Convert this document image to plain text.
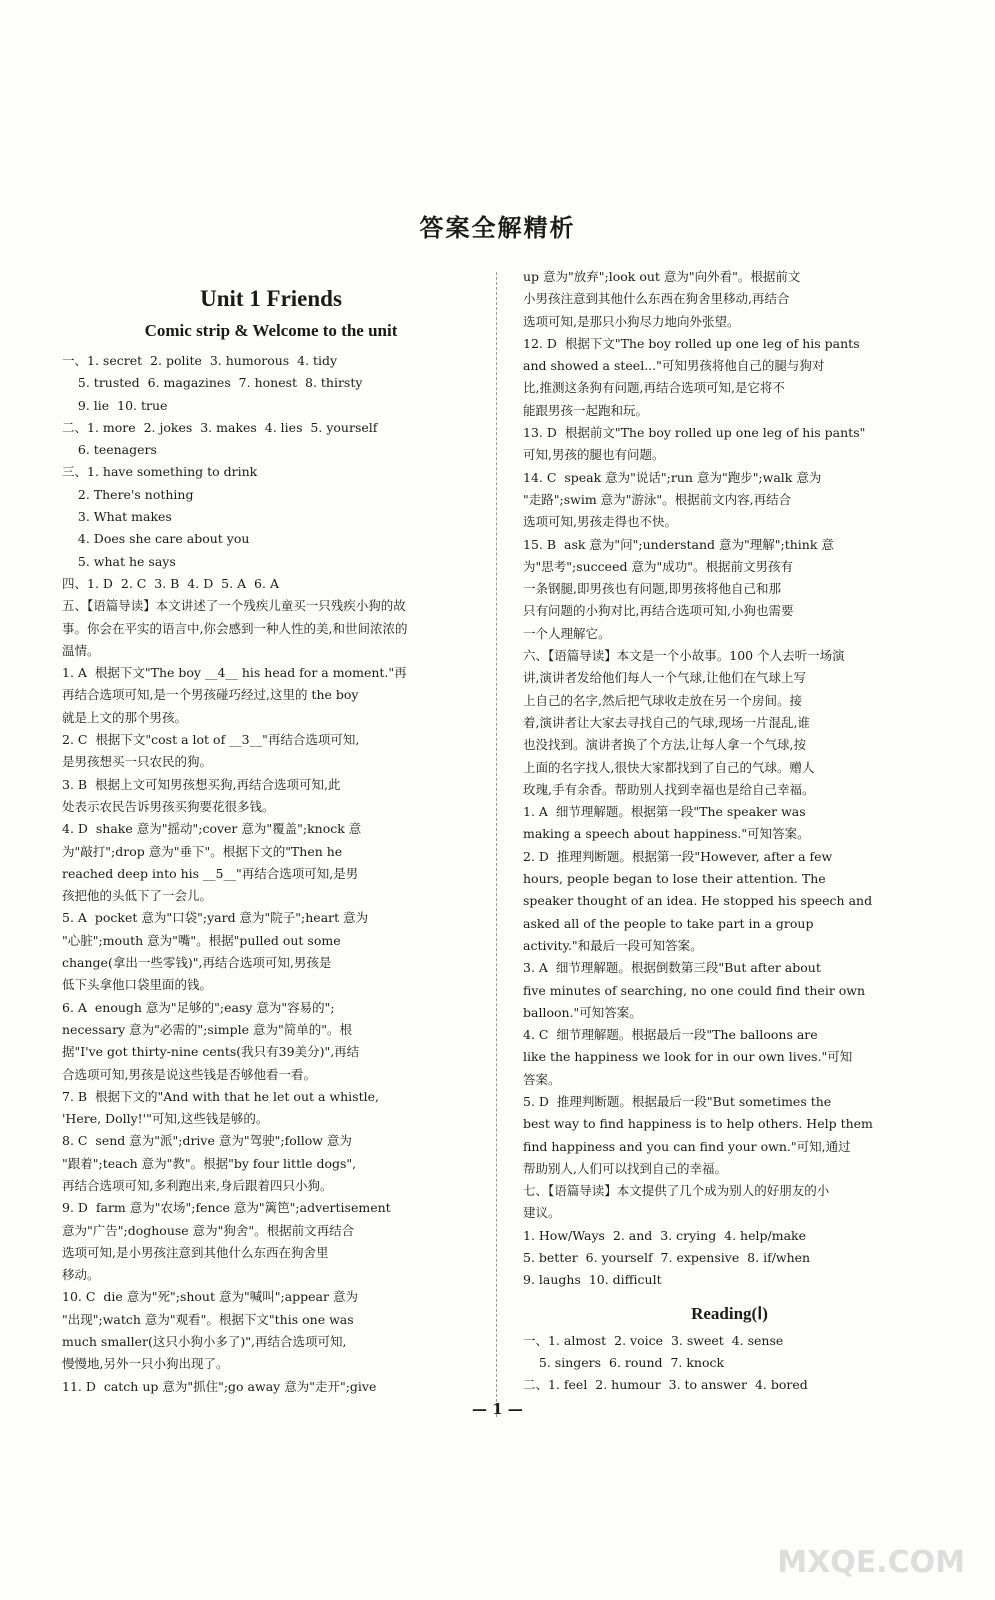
答案全解精析
Unit 1 Friends
Comic strip & Welcome to the unit
一、1. secret  2. polite  3. humorous  4. tidy
5. trusted  6. magazines  7. honest  8. thirsty
9. lie  10. true
二、1. more  2. jokes  3. makes  4. lies  5. yourself
6. teenagers
三、1. have something to drink
2. There's nothing
3. What makes
4. Does she care about you
5. what he says
四、1. D  2. C  3. B  4. D  5. A  6. A
五、【语篇导读】本文讲述了一个残疾儿童买一只残疾小狗的故
事。你会在平实的语言中,你会感到一种人性的美,和世间浓浓的
温情。
1. A  根据下文"The boy __4__ his head for a moment."再
再结合选项可知,是一个男孩碰巧经过,这里的 the boy
就是上文的那个男孩。
2. C  根据下文"cost a lot of __3__"再结合选项可知,
是男孩想买一只农民的狗。
3. B  根据上文可知男孩想买狗,再结合选项可知,此
处表示农民告诉男孩买狗要花很多钱。
4. D  shake 意为"摇动";cover 意为"覆盖";knock 意
为"敲打";drop 意为"垂下"。根据下文的"Then he
reached deep into his __5__"再结合选项可知,是男
孩把他的头低下了一会儿。
5. A  pocket 意为"口袋";yard 意为"院子";heart 意为
"心脏";mouth 意为"嘴"。根据"pulled out some
change(拿出一些零钱)",再结合选项可知,男孩是
低下头拿他口袋里面的钱。
6. A  enough 意为"足够的";easy 意为"容易的";
necessary 意为"必需的";simple 意为"简单的"。根
据"I've got thirty-nine cents(我只有39美分)",再结
合选项可知,男孩是说这些钱是否够他看一看。
7. B  根据下文的"And with that he let out a whistle,
'Here, Dolly!'"可知,这些钱是够的。
8. C  send 意为"派";drive 意为"驾驶";follow 意为
"跟着";teach 意为"教"。根据"by four little dogs",
再结合选项可知,多利跑出来,身后跟着四只小狗。
9. D  farm 意为"农场";fence 意为"篱笆";advertisement
意为"广告";doghouse 意为"狗舍"。根据前文再结合
选项可知,是小男孩注意到其他什么东西在狗舍里
移动。
10. C  die 意为"死";shout 意为"喊叫";appear 意为
"出现";watch 意为"观看"。根据下文"this one was
much smaller(这只小狗小多了)",再结合选项可知,
慢慢地,另外一只小狗出现了。
11. D  catch up 意为"抓住";go away 意为"走开";give
up 意为"放弃";look out 意为"向外看"。根据前文
小男孩注意到其他什么东西在狗舍里移动,再结合
选项可知,是那只小狗尽力地向外张望。
12. D  根据下文"The boy rolled up one leg of his pants
and showed a steel..."可知男孩将他自己的腿与狗对
比,推测这条狗有问题,再结合选项可知,是它将不
能跟男孩一起跑和玩。
13. D  根据前文"The boy rolled up one leg of his pants"
可知,男孩的腿也有问题。
14. C  speak 意为"说话";run 意为"跑步";walk 意为
"走路";swim 意为"游泳"。根据前文内容,再结合
选项可知,男孩走得也不快。
15. B  ask 意为"问";understand 意为"理解";think 意
为"思考";succeed 意为"成功"。根据前文男孩有
一条钢腿,即男孩也有问题,即男孩将他自己和那
只有问题的小狗对比,再结合选项可知,小狗也需要
一个人理解它。
六、【语篇导读】本文是一个小故事。100 个人去听一场演
讲,演讲者发给他们每人一个气球,让他们在气球上写
上自己的名字,然后把气球收走放在另一个房间。接
着,演讲者让大家去寻找自己的气球,现场一片混乱,谁
也没找到。演讲者换了个方法,让每人拿一个气球,按
上面的名字找人,很快大家都找到了自己的气球。赠人
玫瑰,手有余香。帮助别人找到幸福也是给自己幸福。
1. A  细节理解题。根据第一段"The speaker was
making a speech about happiness."可知答案。
2. D  推理判断题。根据第一段"However, after a few
hours, people began to lose their attention. The
speaker thought of an idea. He stopped his speech and
asked all of the people to take part in a group
activity."和最后一段可知答案。
3. A  细节理解题。根据倒数第三段"But after about
five minutes of searching, no one could find their own
balloon."可知答案。
4. C  细节理解题。根据最后一段"The balloons are
like the happiness we look for in our own lives."可知
答案。
5. D  推理判断题。根据最后一段"But sometimes the
best way to find happiness is to help others. Help them
find happiness and you can find your own."可知,通过
帮助别人,人们可以找到自己的幸福。
七、【语篇导读】本文提供了几个成为别人的好朋友的小
建议。
1. How/Ways  2. and  3. crying  4. help/make
5. better  6. yourself  7. expensive  8. if/when
9. laughs  10. difficult
Reading(Ⅰ)
一、1. almost  2. voice  3. sweet  4. sense
5. singers  6. round  7. knock
二、1. feel  2. humour  3. to answer  4. bored
— 1 —
MXQE.COM
